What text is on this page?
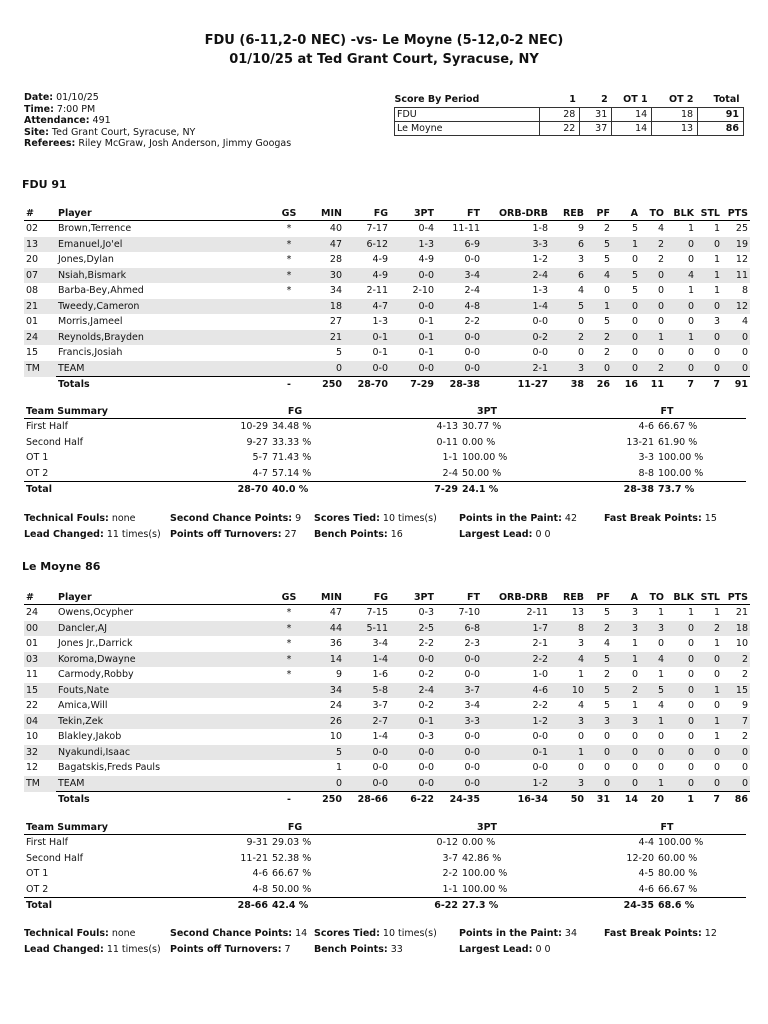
FDU (6-11,2-0 NEC) -vs- Le Moyne (5-12,0-2 NEC)
01/10/25 at Ted Grant Court, Syracuse, NY
Date: 01/10/25
Time: 7:00 PM
Attendance: 491
Site: Ted Grant Court, Syracuse, NY
Referees: Riley McGraw, Josh Anderson, Jimmy Googas
Score By Period	1	2	OT 1	OT 2	Total
FDU	28	31	14	18	91
Le Moyne	22	37	14	13	86
FDU 91
#	Player	GS	MIN	FG	3PT	FT	ORB-DRB	REB	PF	A	TO	BLK	STL	PTS
02	Brown,Terrence	*	40	7-17	0-4	11-11	1-8	9	2	5	4	1	1	25
13	Emanuel,Jo'el	*	47	6-12	1-3	6-9	3-3	6	5	1	2	0	0	19
20	Jones,Dylan	*	28	4-9	4-9	0-0	1-2	3	5	0	2	0	1	12
07	Nsiah,Bismark	*	30	4-9	0-0	3-4	2-4	6	4	5	0	4	1	11
08	Barba-Bey,Ahmed	*	34	2-11	2-10	2-4	1-3	4	0	5	0	1	1	8
21	Tweedy,Cameron		18	4-7	0-0	4-8	1-4	5	1	0	0	0	0	12
01	Morris,Jameel		27	1-3	0-1	2-2	0-0	0	5	0	0	0	3	4
24	Reynolds,Brayden		21	0-1	0-1	0-0	0-2	2	2	0	1	1	0	0
15	Francis,Josiah		5	0-1	0-1	0-0	0-0	0	2	0	0	0	0	0
TM	TEAM		0	0-0	0-0	0-0	2-1	3	0	0	2	0	0	0
	Totals	-	250	28-70	7-29	28-38	11-27	38	26	16	11	7	7	91
Team Summary	FG		3PT		FT	
First Half	10-29	34.48 %	4-13	30.77 %	4-6	66.67 %
Second Half	9-27	33.33 %	0-11	0.00 %	13-21	61.90 %
OT 1	5-7	71.43 %	1-1	100.00 %	3-3	100.00 %
OT 2	4-7	57.14 %	2-4	50.00 %	8-8	100.00 %
Total	28-70	40.0 %	7-29	24.1 %	28-38	73.7 %
Technical Fouls: none	Second Chance Points: 9 Scores Tied: 10 times(s) Points in the Paint: 42	Fast Break Points: 15
Lead Changed: 11 times(s) Points off Turnovers: 27 Bench Points: 16	Largest Lead: 0 0
Le Moyne 86
#	Player	GS	MIN	FG	3PT	FT	ORB-DRB	REB	PF	A	TO	BLK	STL	PTS
24	Owens,Ocypher	*	47	7-15	0-3	7-10	2-11	13	5	3	1	1	1	21
00	Dancler,AJ	*	44	5-11	2-5	6-8	1-7	8	2	3	3	0	2	18
01	Jones Jr.,Darrick	*	36	3-4	2-2	2-3	2-1	3	4	1	0	0	1	10
03	Koroma,Dwayne	*	14	1-4	0-0	0-0	2-2	4	5	1	4	0	0	2
11	Carmody,Robby	*	9	1-6	0-2	0-0	1-0	1	2	0	1	0	0	2
15	Fouts,Nate		34	5-8	2-4	3-7	4-6	10	5	2	5	0	1	15
22	Amica,Will		24	3-7	0-2	3-4	2-2	4	5	1	4	0	0	9
04	Tekin,Zek		26	2-7	0-1	3-3	1-2	3	3	3	1	0	1	7
10	Blakley,Jakob		10	1-4	0-3	0-0	0-0	0	0	0	0	0	1	2
32	Nyakundi,Isaac		5	0-0	0-0	0-0	0-1	1	0	0	0	0	0	0
12	Bagatskis,Freds Pauls		1	0-0	0-0	0-0	0-0	0	0	0	0	0	0	0
TM	TEAM		0	0-0	0-0	0-0	1-2	3	0	0	1	0	0	0
	Totals	-	250	28-66	6-22	24-35	16-34	50	31	14	20	1	7	86
Team Summary	FG		3PT		FT	
First Half	9-31	29.03 %	0-12	0.00 %	4-4	100.00 %
Second Half	11-21	52.38 %	3-7	42.86 %	12-20	60.00 %
OT 1	4-6	66.67 %	2-2	100.00 %	4-5	80.00 %
OT 2	4-8	50.00 %	1-1	100.00 %	4-6	66.67 %
Total	28-66	42.4 %	6-22	27.3 %	24-35	68.6 %
Technical Fouls: none	Second Chance Points: 14 Scores Tied: 10 times(s) Points in the Paint: 34	Fast Break Points: 12
Lead Changed: 11 times(s) Points off Turnovers: 7 Bench Points: 33	Largest Lead: 0 0
